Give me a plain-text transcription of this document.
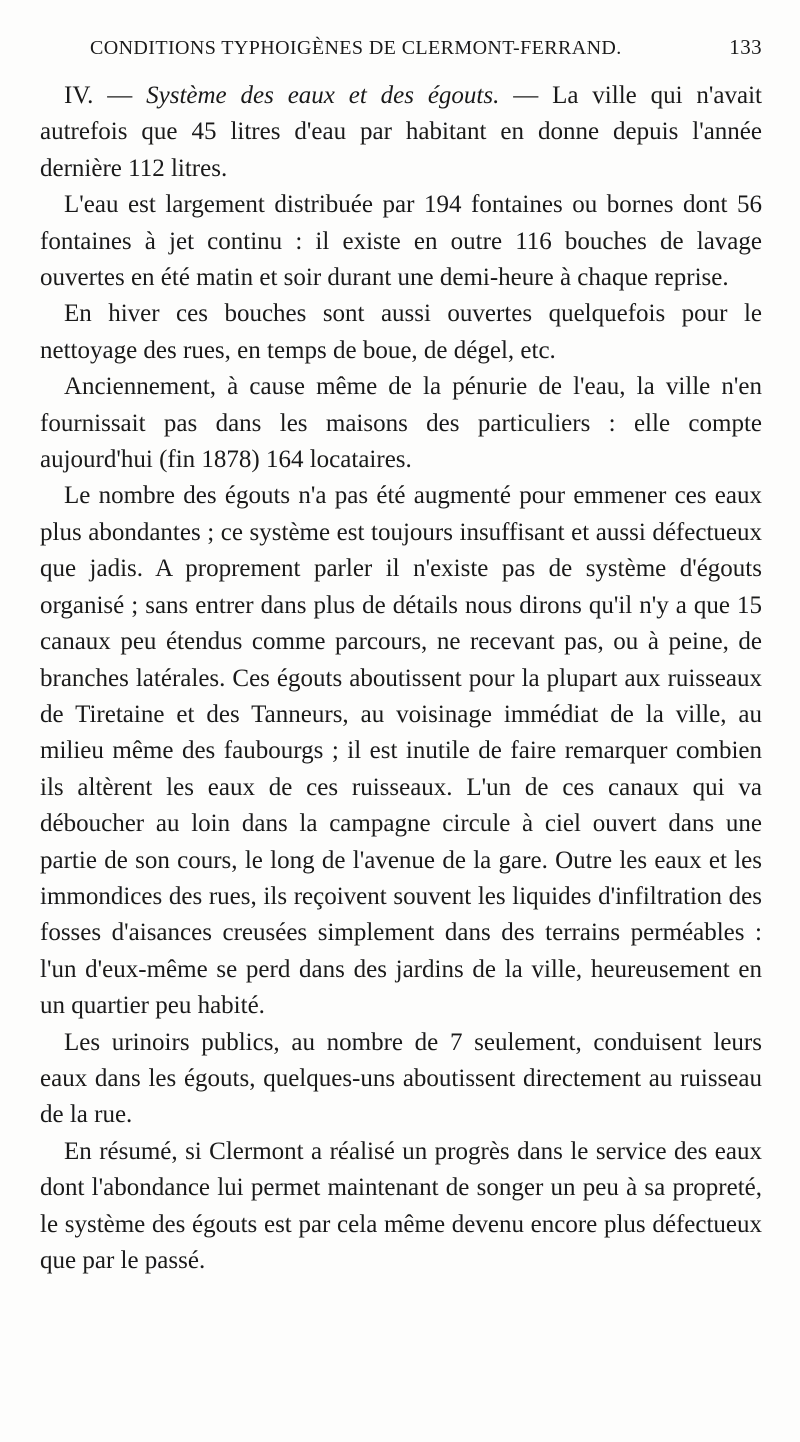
CONDITIONS TYPHOIGÈNES DE CLERMONT-FERRAND.	133

IV. — Système des eaux et des égouts. — La ville qui n'avait autrefois que 45 litres d'eau par habitant en donne depuis l'année dernière 112 litres.

L'eau est largement distribuée par 194 fontaines ou bornes dont 56 fontaines à jet continu : il existe en outre 116 bouches de lavage ouvertes en été matin et soir durant une demi-heure à chaque reprise.

En hiver ces bouches sont aussi ouvertes quelquefois pour le nettoyage des rues, en temps de boue, de dégel, etc.

Anciennement, à cause même de la pénurie de l'eau, la ville n'en fournissait pas dans les maisons des particuliers : elle compte aujourd'hui (fin 1878) 164 locataires.

Le nombre des égouts n'a pas été augmenté pour emmener ces eaux plus abondantes ; ce système est toujours insuffisant et aussi défectueux que jadis. A proprement parler il n'existe pas de système d'égouts organisé ; sans entrer dans plus de détails nous dirons qu'il n'y a que 15 canaux peu étendus comme parcours, ne recevant pas, ou à peine, de branches latérales. Ces égouts aboutissent pour la plupart aux ruisseaux de Tiretaine et des Tanneurs, au voisinage immédiat de la ville, au milieu même des faubourgs ; il est inutile de faire remarquer combien ils altèrent les eaux de ces ruisseaux. L'un de ces canaux qui va déboucher au loin dans la campagne circule à ciel ouvert dans une partie de son cours, le long de l'avenue de la gare. Outre les eaux et les immondices des rues, ils reçoivent souvent les liquides d'infiltration des fosses d'aisances creusées simplement dans des terrains perméables : l'un d'eux-même se perd dans des jardins de la ville, heureusement en un quartier peu habité.

Les urinoirs publics, au nombre de 7 seulement, conduisent leurs eaux dans les égouts, quelques-uns aboutissent directement au ruisseau de la rue.

En résumé, si Clermont a réalisé un progrès dans le service des eaux dont l'abondance lui permet maintenant de songer un peu à sa propreté, le système des égouts est par cela même devenu encore plus défectueux que par le passé.
